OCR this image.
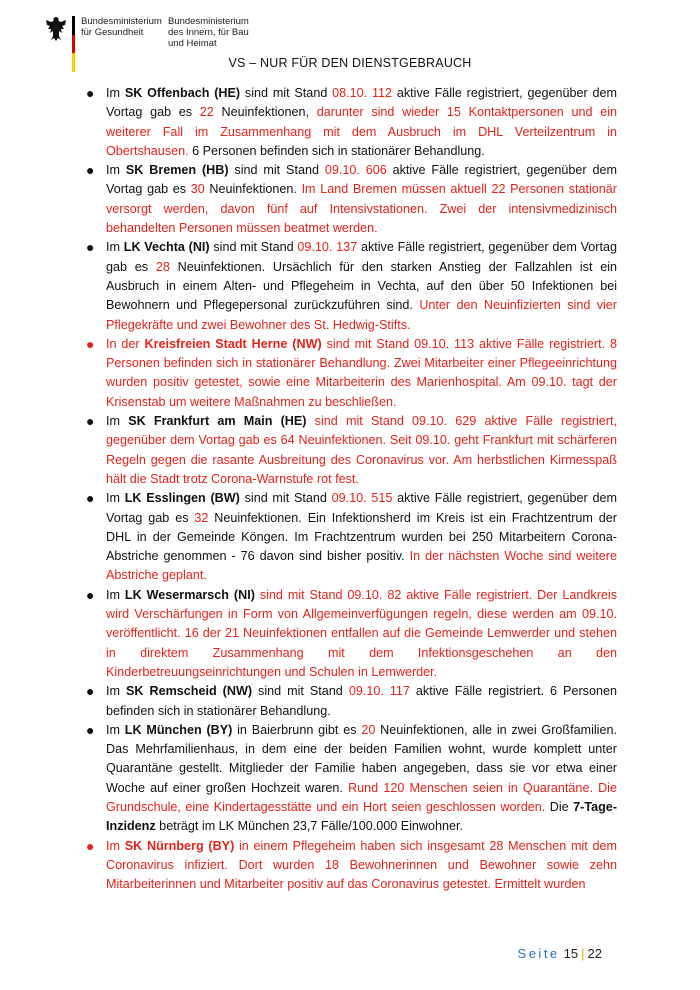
Bundesministerium
für Gesundheit
Bundesministerium
des Innern, für Bau
und Heimat
VS – NUR FÜR DEN DIENSTGEBRAUCH
● Im SK Offenbach (HE) sind mit Stand 08.10. 112 aktive Fälle registriert, gegenüber dem Vortag gab es 22 Neuinfektionen, darunter sind wieder 15 Kontaktpersonen und ein weiterer Fall im Zusammenhang mit dem Ausbruch im DHL Verteilzentrum in Obertshausen. 6 Personen befinden sich in stationärer Behandlung.
● Im SK Bremen (HB) sind mit Stand 09.10. 606 aktive Fälle registriert, gegenüber dem Vortag gab es 30 Neuinfektionen. Im Land Bremen müssen aktuell 22 Personen stationär versorgt werden, davon fünf auf Intensivstationen. Zwei der intensivmedizinisch behandelten Personen müssen beatmet werden.
● Im LK Vechta (NI) sind mit Stand 09.10. 137 aktive Fälle registriert, gegenüber dem Vortag gab es 28 Neuinfektionen. Ursächlich für den starken Anstieg der Fallzahlen ist ein Ausbruch in einem Alten- und Pflegeheim in Vechta, auf den über 50 Infektionen bei Bewohnern und Pflegepersonal zurückzuführen sind. Unter den Neuinfizierten sind vier Pflegekräfte und zwei Bewohner des St. Hedwig-Stifts.
● In der Kreisfreien Stadt Herne (NW) sind mit Stand 09.10. 113 aktive Fälle registriert. 8 Personen befinden sich in stationärer Behandlung. Zwei Mitarbeiter einer Pflegeeinrichtung wurden positiv getestet, sowie eine Mitarbeiterin des Marienhospital. Am 09.10. tagt der Krisenstab um weitere Maßnahmen zu beschließen.
● Im SK Frankfurt am Main (HE) sind mit Stand 09.10. 629 aktive Fälle registriert, gegenüber dem Vortag gab es 64 Neuinfektionen. Seit 09.10. geht Frankfurt mit schärferen Regeln gegen die rasante Ausbreitung des Coronavirus vor. Am herbstlichen Kirmesspaß hält die Stadt trotz Corona-Warnstufe rot fest.
● Im LK Esslingen (BW) sind mit Stand 09.10. 515 aktive Fälle registriert, gegenüber dem Vortag gab es 32 Neuinfektionen. Ein Infektionsherd im Kreis ist ein Frachtzentrum der DHL in der Gemeinde Köngen. Im Frachtzentrum wurden bei 250 Mitarbeitern Corona-Abstriche genommen - 76 davon sind bisher positiv. In der nächsten Woche sind weitere Abstriche geplant.
● Im LK Wesermarsch (NI) sind mit Stand 09.10. 82 aktive Fälle registriert. Der Landkreis wird Verschärfungen in Form von Allgemeinverfügungen regeln, diese werden am 09.10. veröffentlicht. 16 der 21 Neuinfektionen entfallen auf die Gemeinde Lemwerder und stehen in direktem Zusammenhang mit dem Infektionsgeschehen an den Kinderbetreuungseinrichtungen und Schulen in Lemwerder.
● Im SK Remscheid (NW) sind mit Stand 09.10. 117 aktive Fälle registriert. 6 Personen befinden sich in stationärer Behandlung.
● Im LK München (BY) in Baierbrunn gibt es 20 Neuinfektionen, alle in zwei Großfamilien. Das Mehrfamilienhaus, in dem eine der beiden Familien wohnt, wurde komplett unter Quarantäne gestellt. Mitglieder der Familie haben angegeben, dass sie vor etwa einer Woche auf einer großen Hochzeit waren. Rund 120 Menschen seien in Quarantäne. Die Grundschule, eine Kindertagesstätte und ein Hort seien geschlossen worden. Die 7-Tage-Inzidenz beträgt im LK München 23,7 Fälle/100.000 Einwohner.
● Im SK Nürnberg (BY) in einem Pflegeheim haben sich insgesamt 28 Menschen mit dem Coronavirus infiziert. Dort wurden 18 Bewohnerinnen und Bewohner sowie zehn Mitarbeiterinnen und Mitarbeiter positiv auf das Coronavirus getestet. Ermittelt wurden
Seite 15 | 22
